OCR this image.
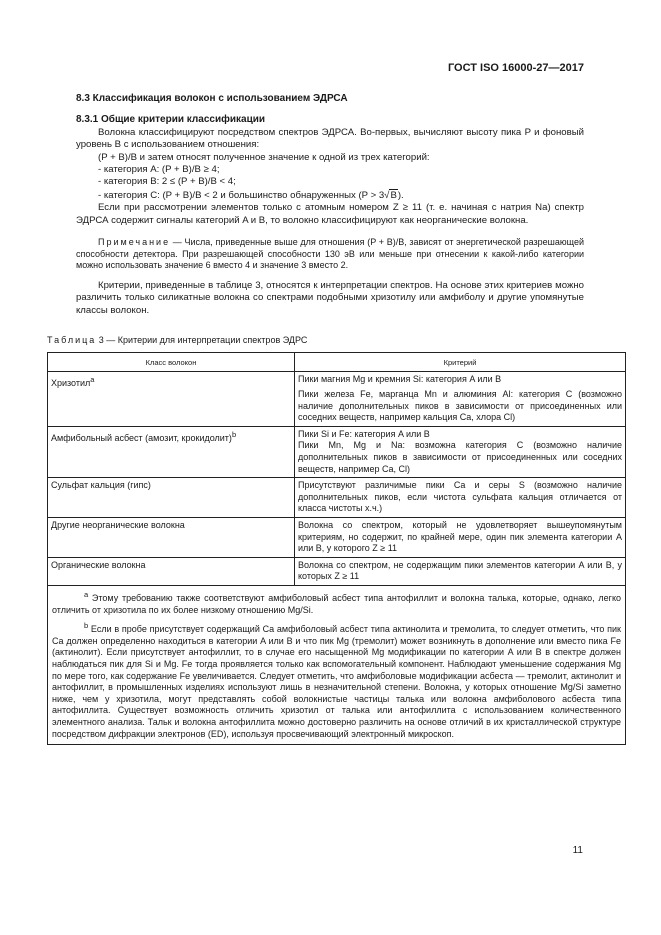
ГОСТ ISO 16000-27—2017

8.3 Классификация волокон с использованием ЭДРСА

8.3.1 Общие критерии классификации

Волокна классифицируют посредством спектров ЭДРСА. Во-первых, вычисляют высоту пика P и фоновый уровень B с использованием отношения:

(P + B)/B и затем относят полученное значение к одной из трех категорий:

- категория A: (P + B)/B ≥ 4;

- категория B: 2 ≤ (P + B)/B < 4;

- категория C: (P + B)/B < 2 и большинство обнаруженных (P > 3√B).

Если при рассмотрении элементов только с атомным номером Z ≥ 11 (т. е. начиная с натрия Na) спектр ЭДРСА содержит сигналы категорий A и B, то волокно классифицируют как неорганические волокна.

Примечание — Числа, приведенные выше для отношения (P + B)/B, зависят от энергетической разрешающей способности детектора. При разрешающей способности 130 эВ или меньше при отнесении к какой-либо категории можно использовать значение 6 вместо 4 и значение 3 вместо 2.

Критерии, приведенные в таблице 3, относятся к интерпретации спектров. На основе этих критериев можно различить только силикатные волокна со спектрами подобными хризотилу или амфиболу и другие упомянутые классы волокон.

Таблица 3 — Критерии для интерпретации спектров ЭДРС

Класс волокон	Критерий
Хризотил$^a$	Пики магния Mg и кремния Si: категория A или B

Пики железа Fe, марганца Mn и алюминия Al: категория C (возможно наличие дополнительных пиков в зависимости от присоединенных или соседних веществ, например кальция Ca, хлора Cl)

Амфибольный асбест (амозит, крокидолит)$^b$	Пики Si и Fe: категория A или B

Пики Mn, Mg и Na: возможна категория C (возможно наличие дополнительных пиков в зависимости от присоединенных или соседних веществ, например Ca, Cl)

Сульфат кальция (гипс)	Присутствуют различимые пики Ca и серы S (возможно наличие дополнительных пиков, если чистота сульфата кальция отличается от класса чистоты х.ч.)

Другие неорганические волокна	Волокна со спектром, который не удовлетворяет вышеупомянутым критериям, но содержит, по крайней мере, один пик элемента категории A или B, у которого Z ≥ 11

Органические волокна	Волокна со спектром, не содержащим пики элементов категории A или B, у которых Z ≥ 11

$^a$ Этому требованию также соответствуют амфиболовый асбест типа антофиллит и волокна талька, которые, однако, легко отличить от хризотила по их более низкому отношению Mg/Si.

$^b$ Если в пробе присутствует содержащий Ca амфиболовый асбест типа актинолита и тремолита, то следует отметить, что пик Ca должен определенно находиться в категории A или B и что пик Mg (тремолит) может возникнуть в дополнение или вместо пика Fe (актинолит). Если присутствует антофиллит, то в случае его насыщенной Mg модификации по категории A или B в спектре должен наблюдаться пик для Si и Mg. Fe тогда проявляется только как вспомогательный компонент. Наблюдают уменьшение содержания Mg по мере того, как содержание Fe увеличивается. Следует отметить, что амфиболовые модификации асбеста — тремолит, актинолит и антофиллит, в промышленных изделиях используют лишь в незначительной степени. Волокна, у которых отношение Mg/Si заметно ниже, чем у хризотила, могут представлять собой волокнистые частицы талька или волокна амфиболового асбеста типа антофиллита. Существует возможность отличить хризотил от талька или антофиллита с использованием количественного элементного анализа. Тальк и волокна антофиллита можно достоверно различить на основе отличий в их кристаллической структуре посредством дифракции электронов (ED), используя просвечивающий электронный микроскоп.	

11
